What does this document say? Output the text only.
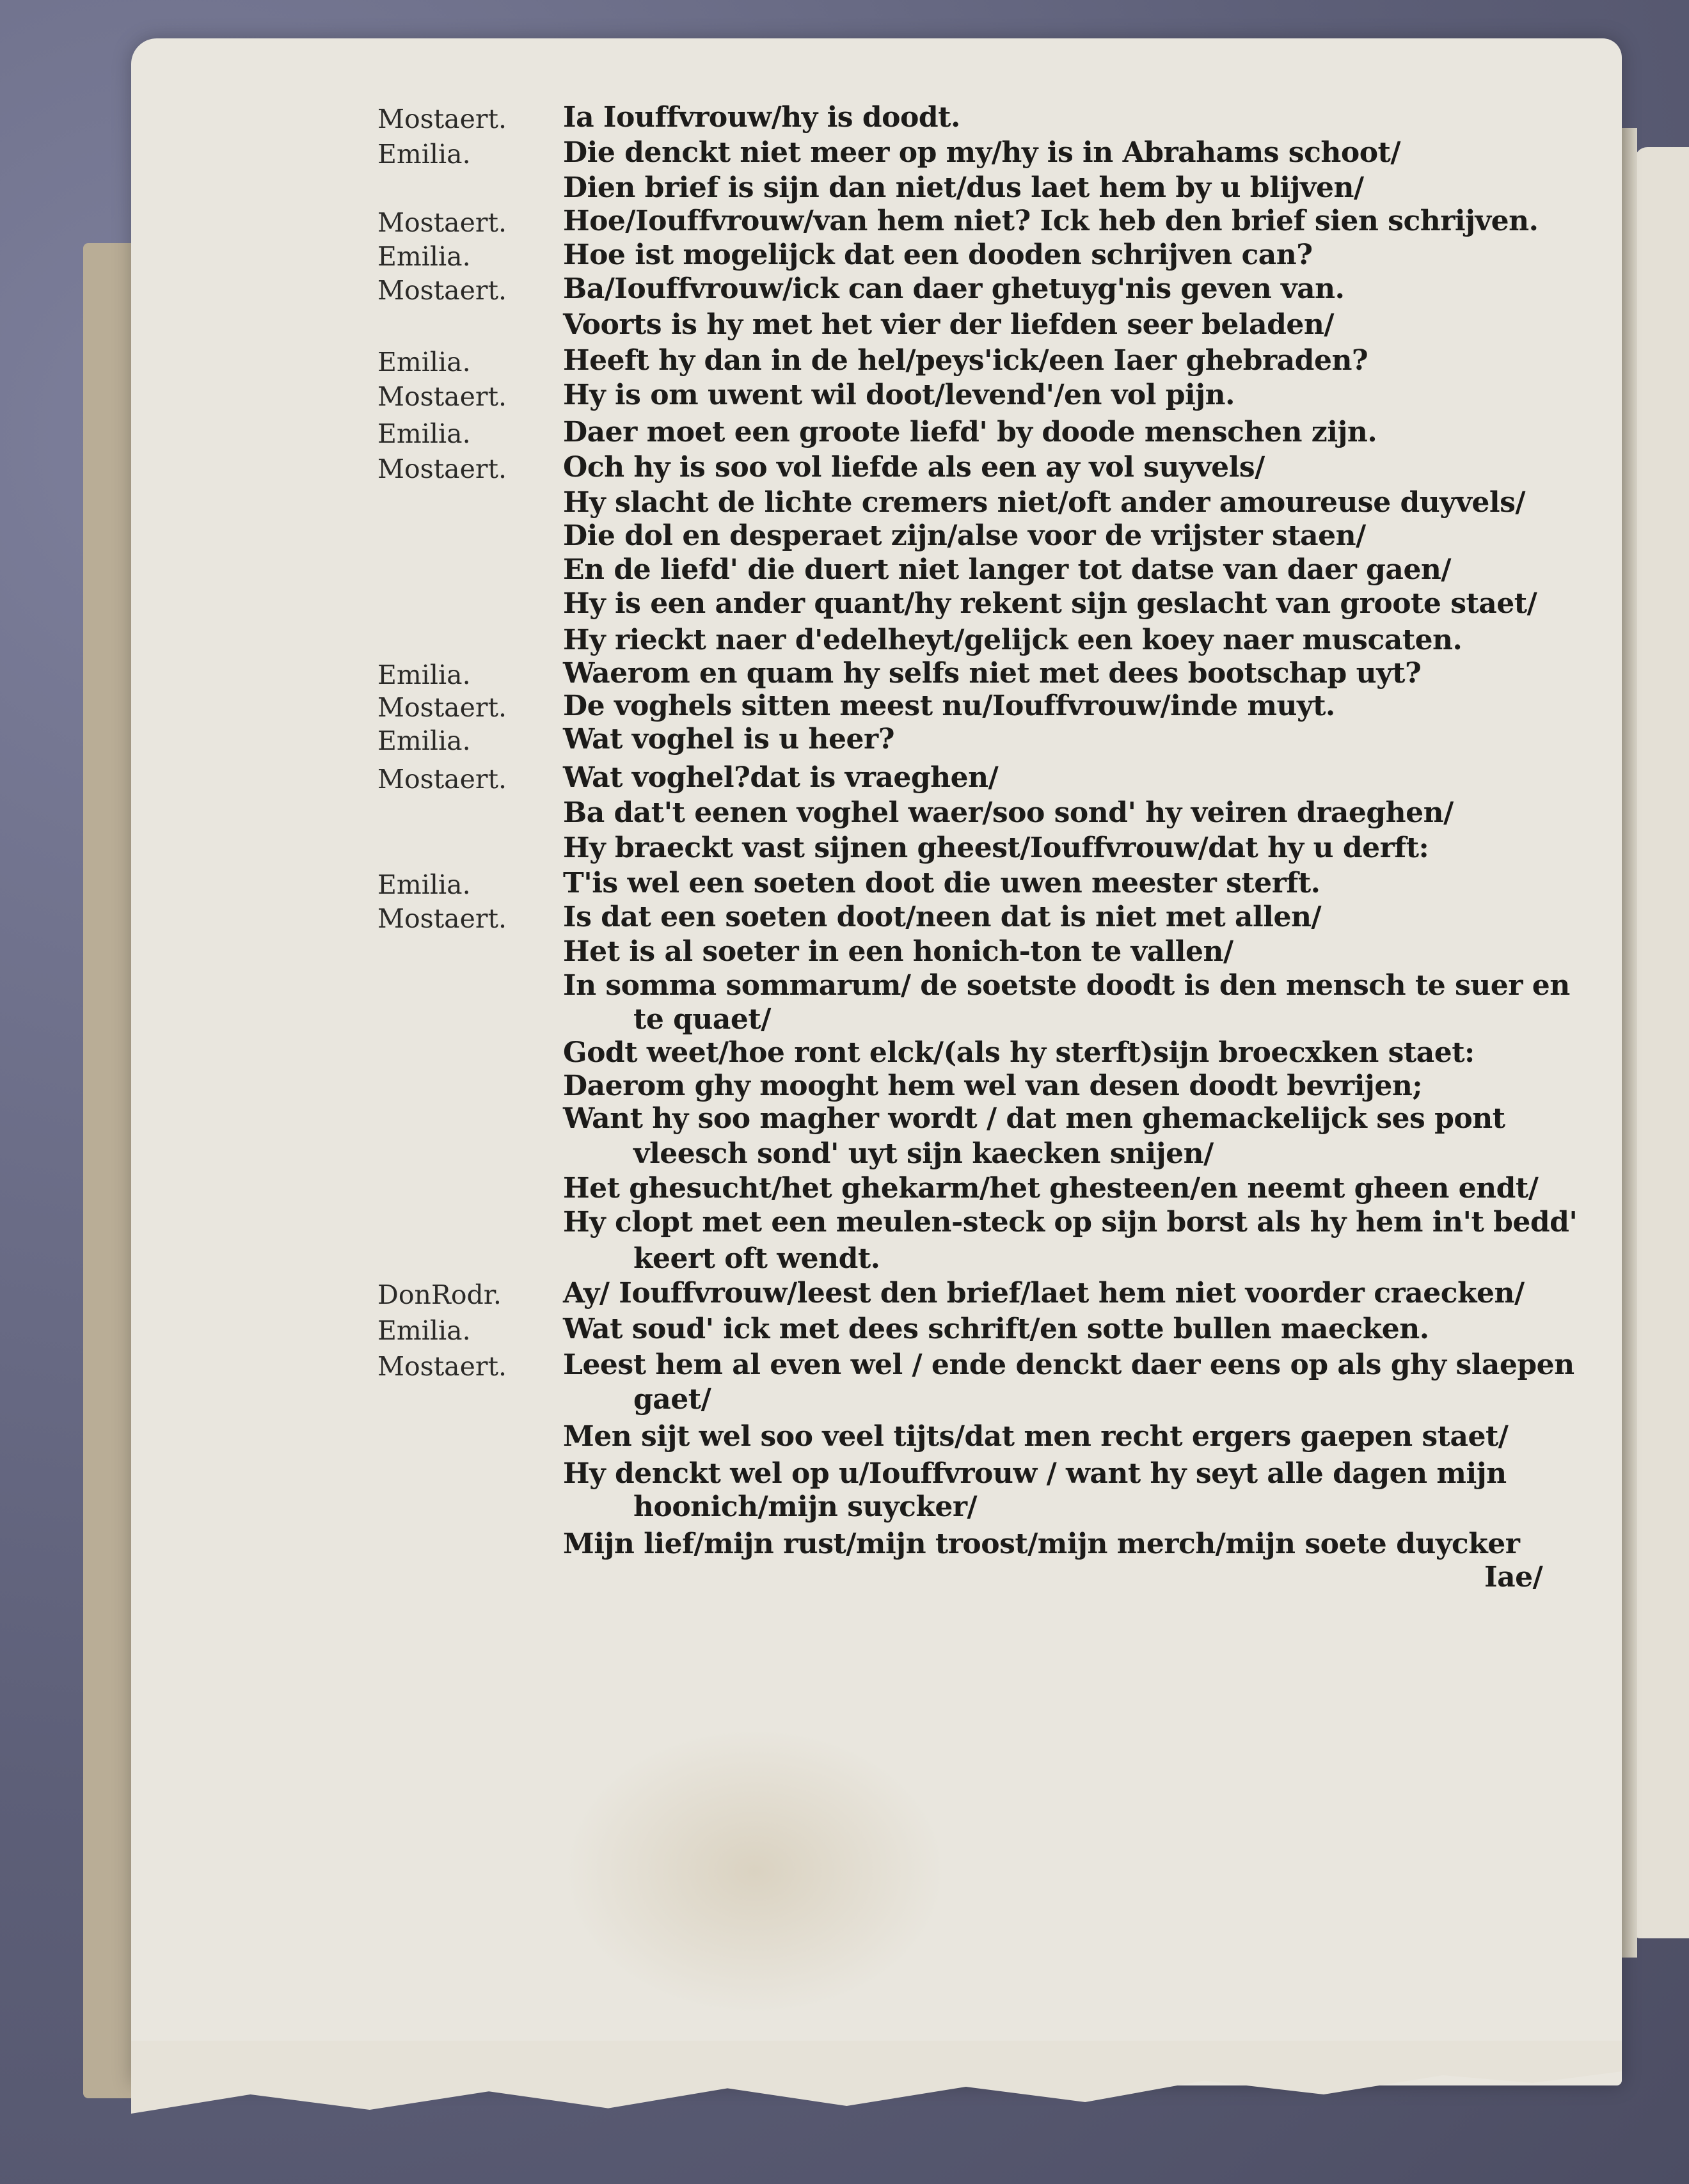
Mostaert. Ia Iouffvrouw/hy is doodt.
Emilia.	Die denckt niet meer op my/hy is in Abrahams schoot/
Dien brief is sijn dan niet/dus laet hem by u blijven/
Mostaert. Hoe/Iouffvrouw/van hem niet? Ick heb den brief sien schrijven.
Emilia.	Hoe ist mogelijck dat een dooden schrijven can?
Mostaert. Ba/Iouffvrouw/ick can daer ghetuyg'nis geven van.
Voorts is hy met het vier der liefden seer beladen/
Emilia.	Heeft hy dan in de hel/peys'ick/een Iaer ghebraden?
Mostaert. Hy is om uwent wil doot/levend'/en vol pijn.
Emilia.	Daer moet een groote liefd' by doode menschen zijn.
Mostaert. Och hy is soo vol liefde als een ay vol suyvels/
Hy slacht de lichte cremers niet/oft ander amoureuse duyvels/
Die dol en desperaet zijn/alse voor de vrijster staen/
En de liefd' die duert niet langer tot datse van daer gaen/
Hy is een ander quant/hy rekent sijn geslacht van groote staet/
Hy rieckt naer d'edelheyt/gelijck een koey naer muscaten.
Emilia.	Waerom en quam hy selfs niet met dees bootschap uyt?
Mostaert. De voghels sitten meest nu/Iouffvrouw/inde muyt.
Emilia.	Wat voghel is u heer?
Mostaert. Wat voghel?dat is vraeghen/
Ba dat't eenen voghel waer/soo sond' hy veiren draeghen/
Hy braeckt vast sijnen gheest/Iouffvrouw/dat hy u derft:
Emilia.	T'is wel een soeten doot die uwen meester sterft.
Mostaert. Is dat een soeten doot/neen dat is niet met allen/
Het is al soeter in een honich-ton te vallen/
In somma sommarum/ de soetste doodt is den mensch te suer en
te quaet/
Godt weet/hoe ront elck/(als hy sterft)sijn broecxken staet:
Daerom ghy mooght hem wel van desen doodt bevrijen;
Want hy soo magher wordt / dat men ghemackelijck ses pont
vleesch sond' uyt sijn kaecken snijen/
Het ghesucht/het ghekarm/het ghesteen/en neemt gheen endt/
Hy clopt met een meulen-steck op sijn borst als hy hem in't bedd'
keert oft wendt.
DonRodr. Ay/ Iouffvrouw/leest den brief/laet hem niet voorder craecken/
Emilia.	Wat soud' ick met dees schrift/en sotte bullen maecken.
Mostaert. Leest hem al even wel / ende denckt daer eens op als ghy slaepen
gaet/
Men sijt wel soo veel tijts/dat men recht ergers gaepen staet/
Hy denckt wel op u/Iouffvrouw / want hy seyt alle dagen mijn
hoonich/mijn suycker/
Mijn lief/mijn rust/mijn troost/mijn merch/mijn soete duycker
Iae/
